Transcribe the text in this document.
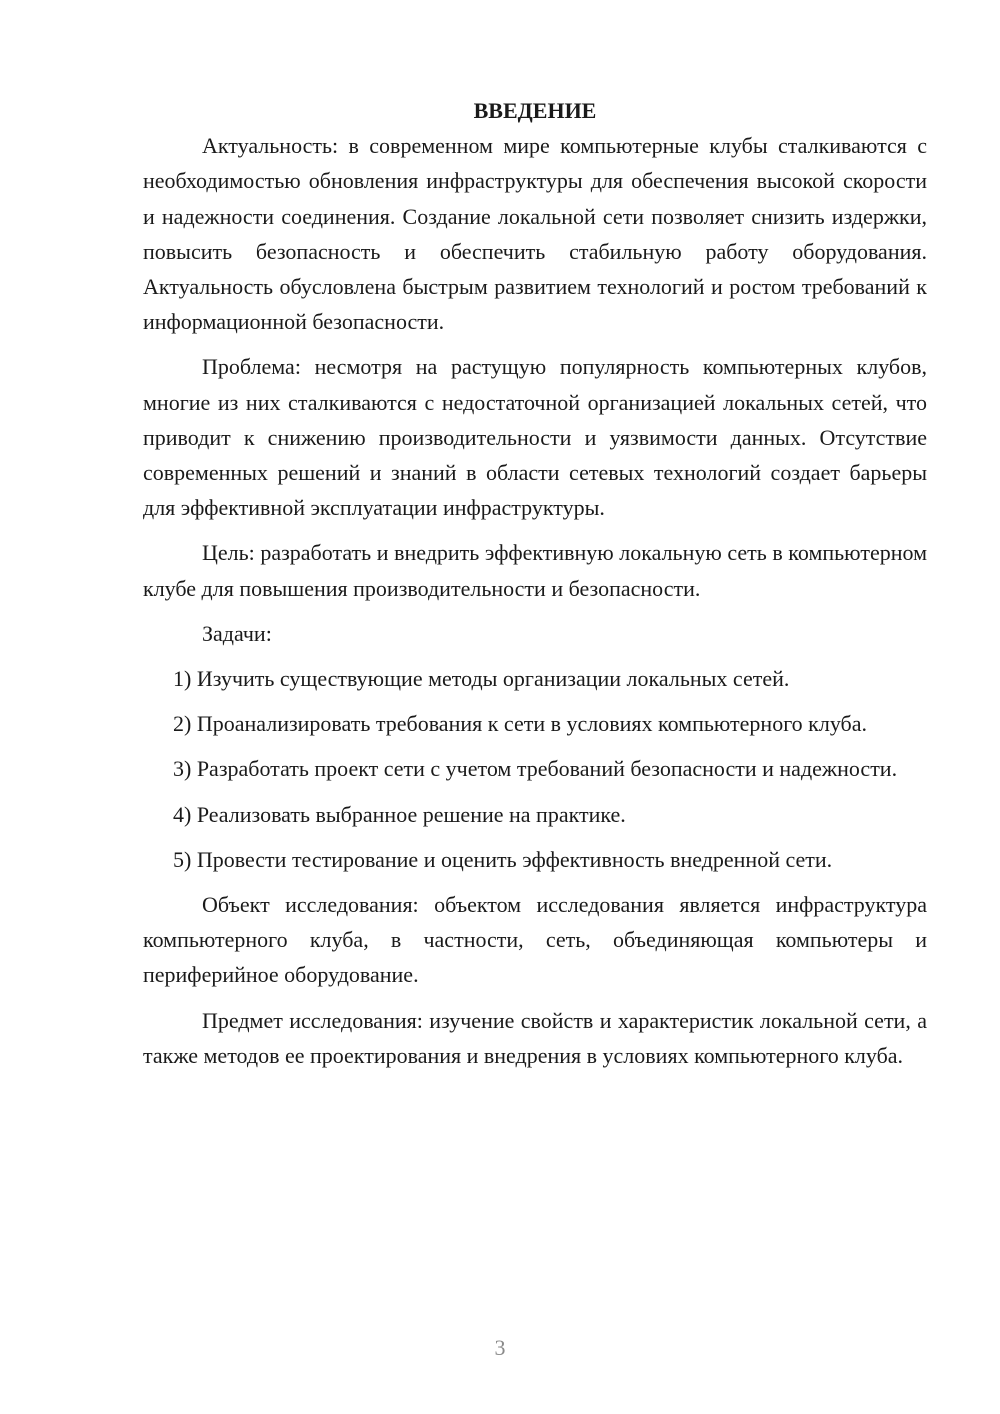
ВВЕДЕНИЕ

Актуальность: в современном мире компьютерные клубы сталкиваются с необходимостью обновления инфраструктуры для обеспечения высокой скорости и надежности соединения. Создание локальной сети позволяет снизить издержки, повысить безопасность и обеспечить стабильную работу оборудования. Актуальность обусловлена быстрым развитием технологий и ростом требований к информационной безопасности.

Проблема: несмотря на растущую популярность компьютерных клубов, многие из них сталкиваются с недостаточной организацией локальных сетей, что приводит к снижению производительности и уязвимости данных. Отсутствие современных решений и знаний в области сетевых технологий создает барьеры для эффективной эксплуатации инфраструктуры.

Цель: разработать и внедрить эффективную локальную сеть в компьютерном клубе для повышения производительности и безопасности.

Задачи:

1) Изучить существующие методы организации локальных сетей.

2) Проанализировать требования к сети в условиях компьютерного клуба.

3) Разработать проект сети с учетом требований безопасности и надежности.

4) Реализовать выбранное решение на практике.

5) Провести тестирование и оценить эффективность внедренной сети.

Объект исследования: объектом исследования является инфраструктура компьютерного клуба, в частности, сеть, объединяющая компьютеры и периферийное оборудование.

Предмет исследования: изучение свойств и характеристик локальной сети, а также методов ее проектирования и внедрения в условиях компьютерного клуба.

3
